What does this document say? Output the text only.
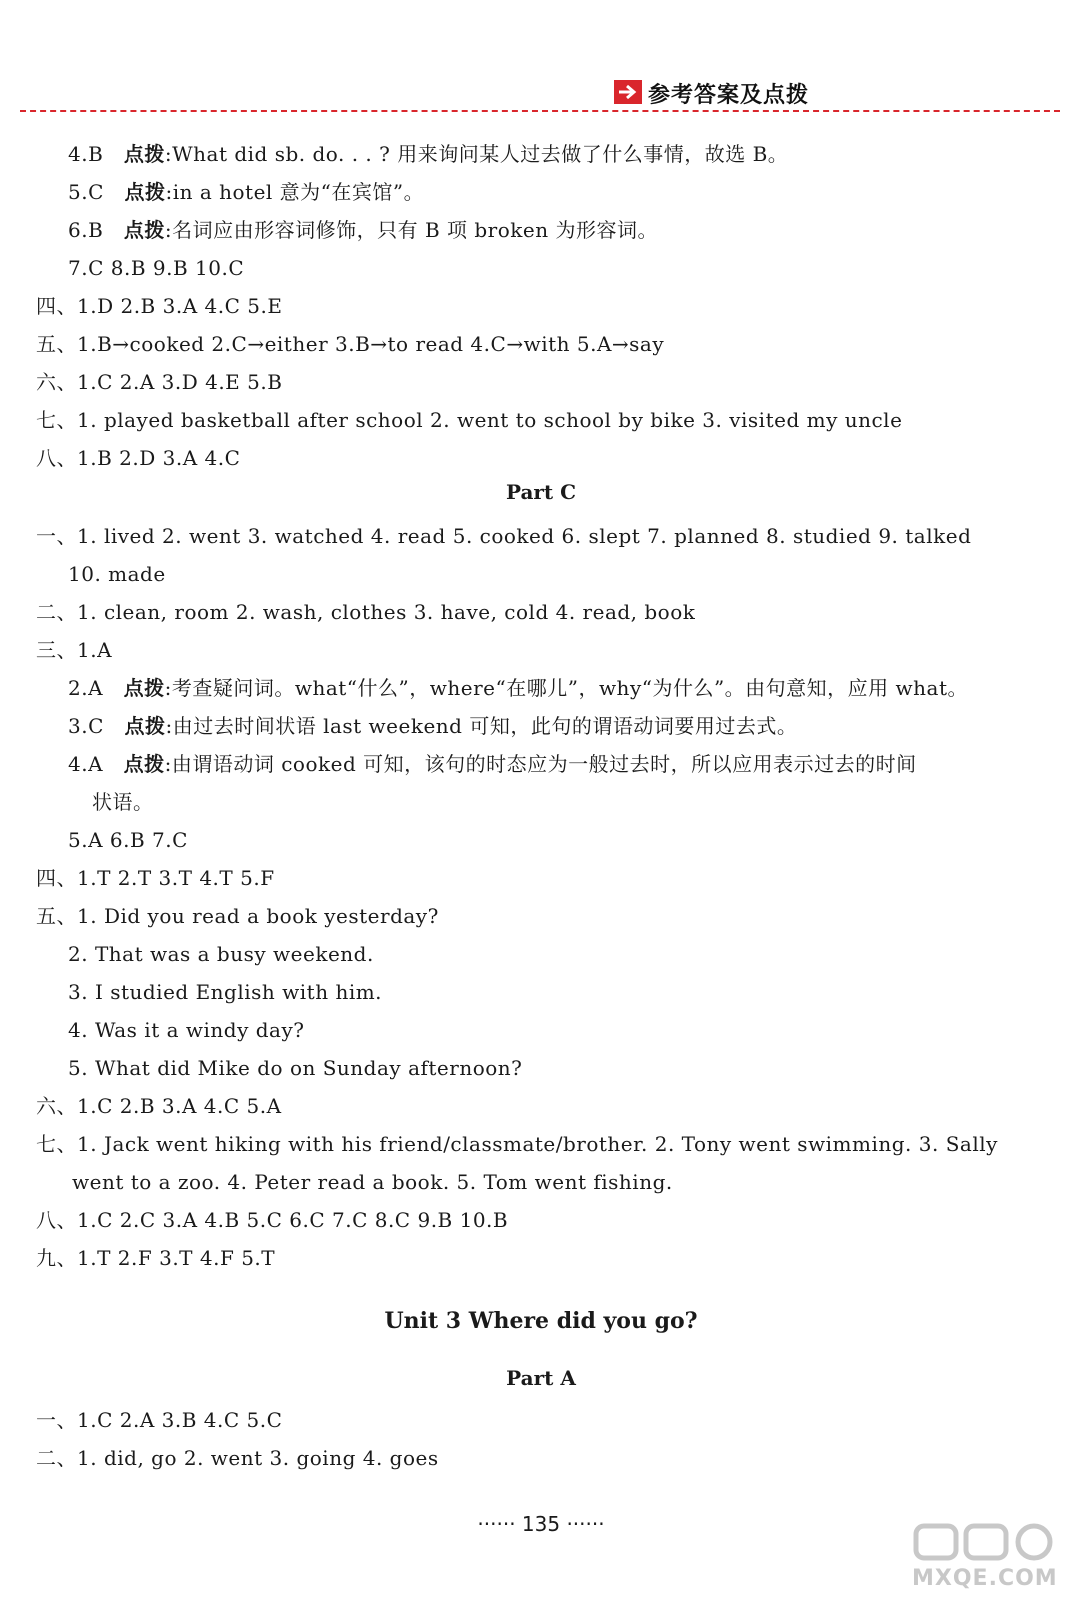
参考答案及点拨
4.B 点拨:What did sb. do. . . ? 用来询问某人过去做了什么事情，故选 B。
5.C 点拨:in a hotel 意为“在宾馆”。
6.B 点拨:名词应由形容词修饰，只有 B 项 broken 为形容词。
7.C 8.B 9.B 10.C
四、1.D 2.B 3.A 4.C 5.E
五、1.B→cooked 2.C→either 3.B→to read 4.C→with 5.A→say
六、1.C 2.A 3.D 4.E 5.B
七、1. played basketball after school 2. went to school by bike 3. visited my uncle
八、1.B 2.D 3.A 4.C
Part C
一、1. lived 2. went 3. watched 4. read 5. cooked 6. slept 7. planned 8. studied 9. talked
10. made
二、1. clean, room 2. wash, clothes 3. have, cold 4. read, book
三、1.A
2.A 点拨:考查疑问词。what“什么”，where“在哪儿”，why“为什么”。由句意知，应用 what。
3.C 点拨:由过去时间状语 last weekend 可知，此句的谓语动词要用过去式。
4.A 点拨:由谓语动词 cooked 可知，该句的时态应为一般过去时，所以应用表示过去的时间
状语。
5.A 6.B 7.C
四、1.T 2.T 3.T 4.T 5.F
五、1. Did you read a book yesterday?
2. That was a busy weekend.
3. I studied English with him.
4. Was it a windy day?
5. What did Mike do on Sunday afternoon?
六、1.C 2.B 3.A 4.C 5.A
七、1. Jack went hiking with his friend/classmate/brother. 2. Tony went swimming. 3. Sally
went to a zoo. 4. Peter read a book. 5. Tom went fishing.
八、1.C 2.C 3.A 4.B 5.C 6.C 7.C 8.C 9.B 10.B
九、1.T 2.F 3.T 4.F 5.T
Unit 3 Where did you go?
Part A
一、1.C 2.A 3.B 4.C 5.C
二、1. did, go 2. went 3. going 4. goes
······ 135 ······
MXQE.COM
